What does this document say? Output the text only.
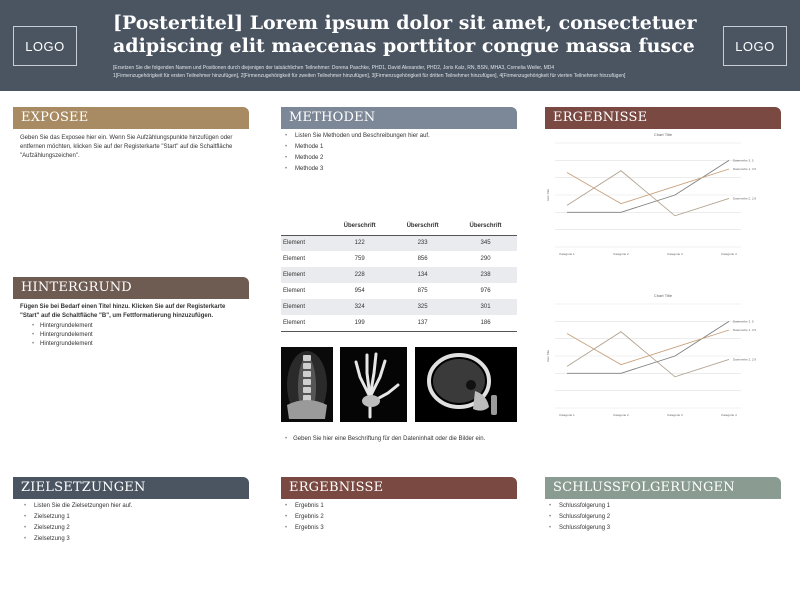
LOGO
[Postertitel] Lorem ipsum dolor sit amet, consectetuer adipiscing elit maecenas porttitor congue massa fusce
[Ersetzen Sie die folgenden Namen und Positionen durch diejenigen der tatsächlichen Teilnehmer: Dorena Paschke, PHD1, David Alexander, PHD2, Joris Kalz, RN, BSN, MHA3, Cornelia Weiler, MD4
1[Firmenzugehörigkeit für ersten Teilnehmer hinzufügen], 2[Firmenzugehörigkeit für zweiten Teilnehmer hinzufügen], 3[Firmenzugehörigkeit für dritten Teilnehmer hinzufügen], 4[Firmenzugehörigkeit für vierten Teilnehmer hinzufügen]
LOGO
EXPOSEE
Geben Sie das Exposee hier ein. Wenn Sie Aufzählungspunkte hinzufügen oder entfernen möchten, klicken Sie auf der Registerkarte "Start" auf die Schaltfläche "Aufzählungszeichen".
HINTERGRUND
Fügen Sie bei Bedarf einen Titel hinzu. Klicken Sie auf der Registerkarte "Start" auf die Schaltfläche "B", um Fettformatierung hinzuzufügen.
• Hintergrundelement
• Hintergrundelement
• Hintergrundelement
ZIELSETZUNGEN
• Listen Sie die Zielsetzungen hier auf.
• Zielsetzung 1
• Zielsetzung 2
• Zielsetzung 3
METHODEN
• Listen Sie Methoden und Beschreibungen hier auf.
• Methode 1
• Methode 2
• Methode 3
	Überschrift	Überschrift	Überschrift
Element	122	233	345
Element	759	856	290
Element	228	134	238
Element	954	875	976
Element	324	325	301
Element	199	137	186
• Geben Sie hier eine Beschriftung für den Dateninhalt oder die Bilder ein.
ERGEBNISSE
• Ergebnis 1
• Ergebnis 2
• Ergebnis 3
ERGEBNISSE
Chart Title
Axis Title
Kategorie 1	Kategorie 2	Kategorie 3	Kategorie 4
Datenreihe 3, 5
Datenreihe 2, 2.8
Datenreihe 1, 4.5
Chart Title
Axis Title
Kategorie 1	Kategorie 2	Kategorie 3	Kategorie 4
Datenreihe 3, 5
Datenreihe 2, 2.8
Datenreihe 1, 4.5
SCHLUSSFOLGERUNGEN
• Schlussfolgerung 1
• Schlussfolgerung 2
• Schlussfolgerung 3
